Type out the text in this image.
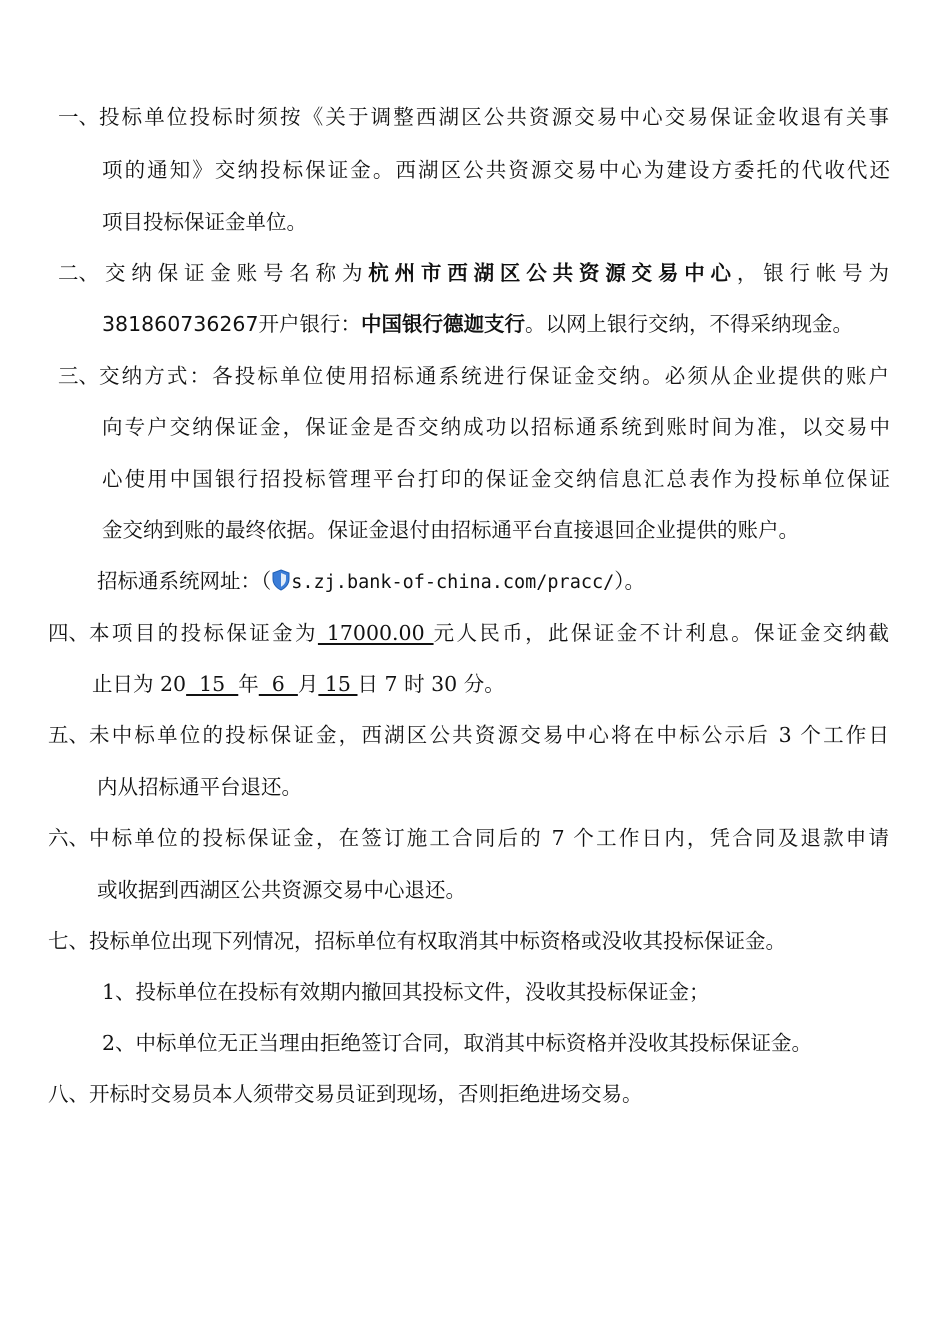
一、投标单位投标时须按《关于调整西湖区公共资源交易中心交易保证金收退有关事
项的通知》交纳投标保证金。西湖区公共资源交易中心为建设方委托的代收代还
项目投标保证金单位。
二、 交纳保证金账号名称为杭州市西湖区公共资源交易中心，银行帐号为
381860736267开户银行：中国银行德迦支行。以网上银行交纳，不得采纳现金。
三、交纳方式：各投标单位使用招标通系统进行保证金交纳。必须从企业提供的账户
向专户交纳保证金，保证金是否交纳成功以招标通系统到账时间为准，以交易中
心使用中国银行招投标管理平台打印的保证金交纳信息汇总表作为投标单位保证
金交纳到账的最终依据。保证金退付由招标通平台直接退回企业提供的账户。
招标通系统网址：（ s.zj.bank-of-china.com/pracc/）。
四、本项目的投标保证金为 17000.00 元人民币，此保证金不计利息。保证金交纳截
止日为 20  15  年  6  月 15 日 7 时 30 分。
五、未中标单位的投标保证金，西湖区公共资源交易中心将在中标公示后 3 个工作日
内从招标通平台退还。
六、中标单位的投标保证金，在签订施工合同后的 7 个工作日内，凭合同及退款申请
或收据到西湖区公共资源交易中心退还。
七、投标单位出现下列情况，招标单位有权取消其中标资格或没收其投标保证金。
1、投标单位在投标有效期内撤回其投标文件，没收其投标保证金；
2、中标单位无正当理由拒绝签订合同，取消其中标资格并没收其投标保证金。
八、开标时交易员本人须带交易员证到现场，否则拒绝进场交易。
